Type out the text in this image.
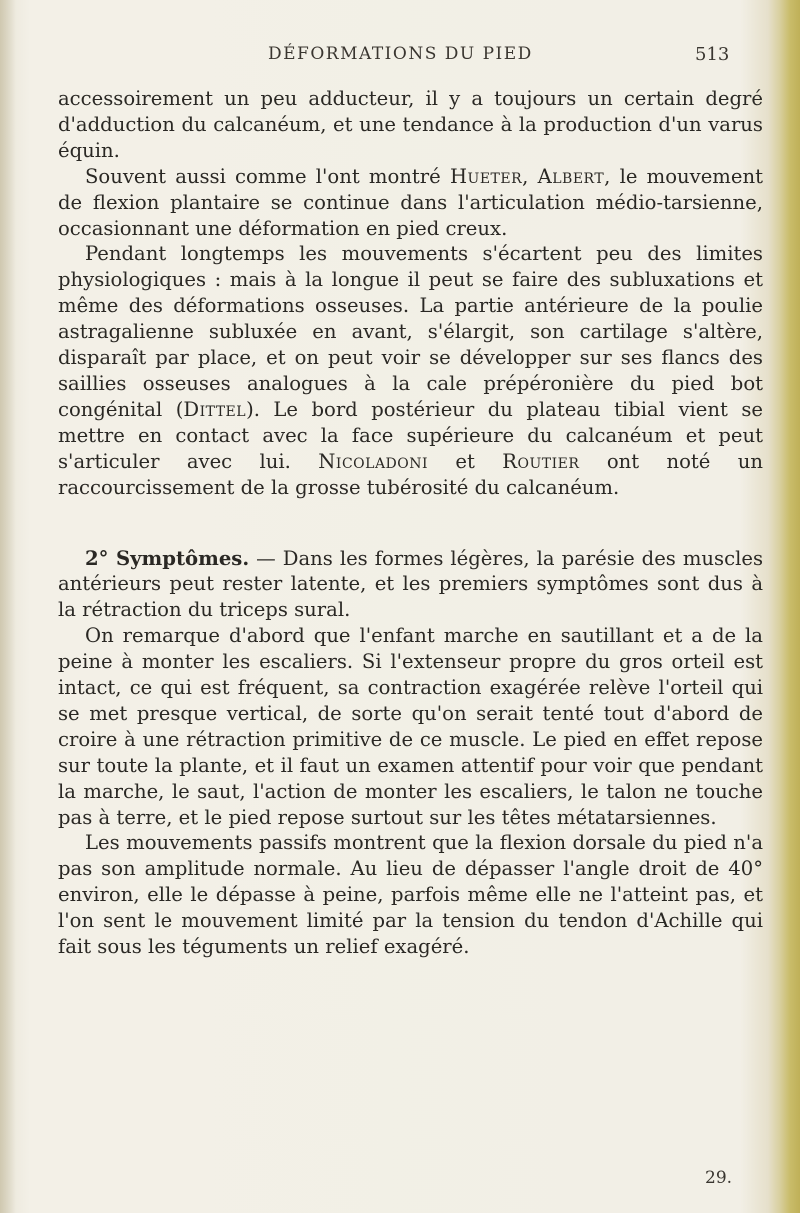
DÉFORMATIONS DU PIED	513

accessoirement un peu adducteur, il y a toujours un certain degré d'adduction du calcanéum, et une tendance à la production d'un varus équin.

Souvent aussi comme l'ont montré Hueter, Albert, le mouvement de flexion plantaire se continue dans l'articulation médio-tarsienne, occasionnant une déformation en pied creux.

Pendant longtemps les mouvements s'écartent peu des limites physiologiques : mais à la longue il peut se faire des subluxations et même des déformations osseuses. La partie antérieure de la poulie astragalienne subluxée en avant, s'élargit, son cartilage s'altère, disparaît par place, et on peut voir se développer sur ses flancs des saillies osseuses analogues à la cale prépéronière du pied bot congénital (Dittel). Le bord postérieur du plateau tibial vient se mettre en contact avec la face supérieure du calcanéum et peut s'articuler avec lui. Nicoladoni et Routier ont noté un raccourcissement de la grosse tubérosité du calcanéum.

2° Symptômes. — Dans les formes légères, la parésie des muscles antérieurs peut rester latente, et les premiers symptômes sont dus à la rétraction du triceps sural.

On remarque d'abord que l'enfant marche en sautillant et a de la peine à monter les escaliers. Si l'extenseur propre du gros orteil est intact, ce qui est fréquent, sa contraction exagérée relève l'orteil qui se met presque vertical, de sorte qu'on serait tenté tout d'abord de croire à une rétraction primitive de ce muscle. Le pied en effet repose sur toute la plante, et il faut un examen attentif pour voir que pendant la marche, le saut, l'action de monter les escaliers, le talon ne touche pas à terre, et le pied repose surtout sur les têtes métatarsiennes.

Les mouvements passifs montrent que la flexion dorsale du pied n'a pas son amplitude normale. Au lieu de dépasser l'angle droit de 40° environ, elle le dépasse à peine, parfois même elle ne l'atteint pas, et l'on sent le mouvement limité par la tension du tendon d'Achille qui fait sous les téguments un relief exagéré.

29.
